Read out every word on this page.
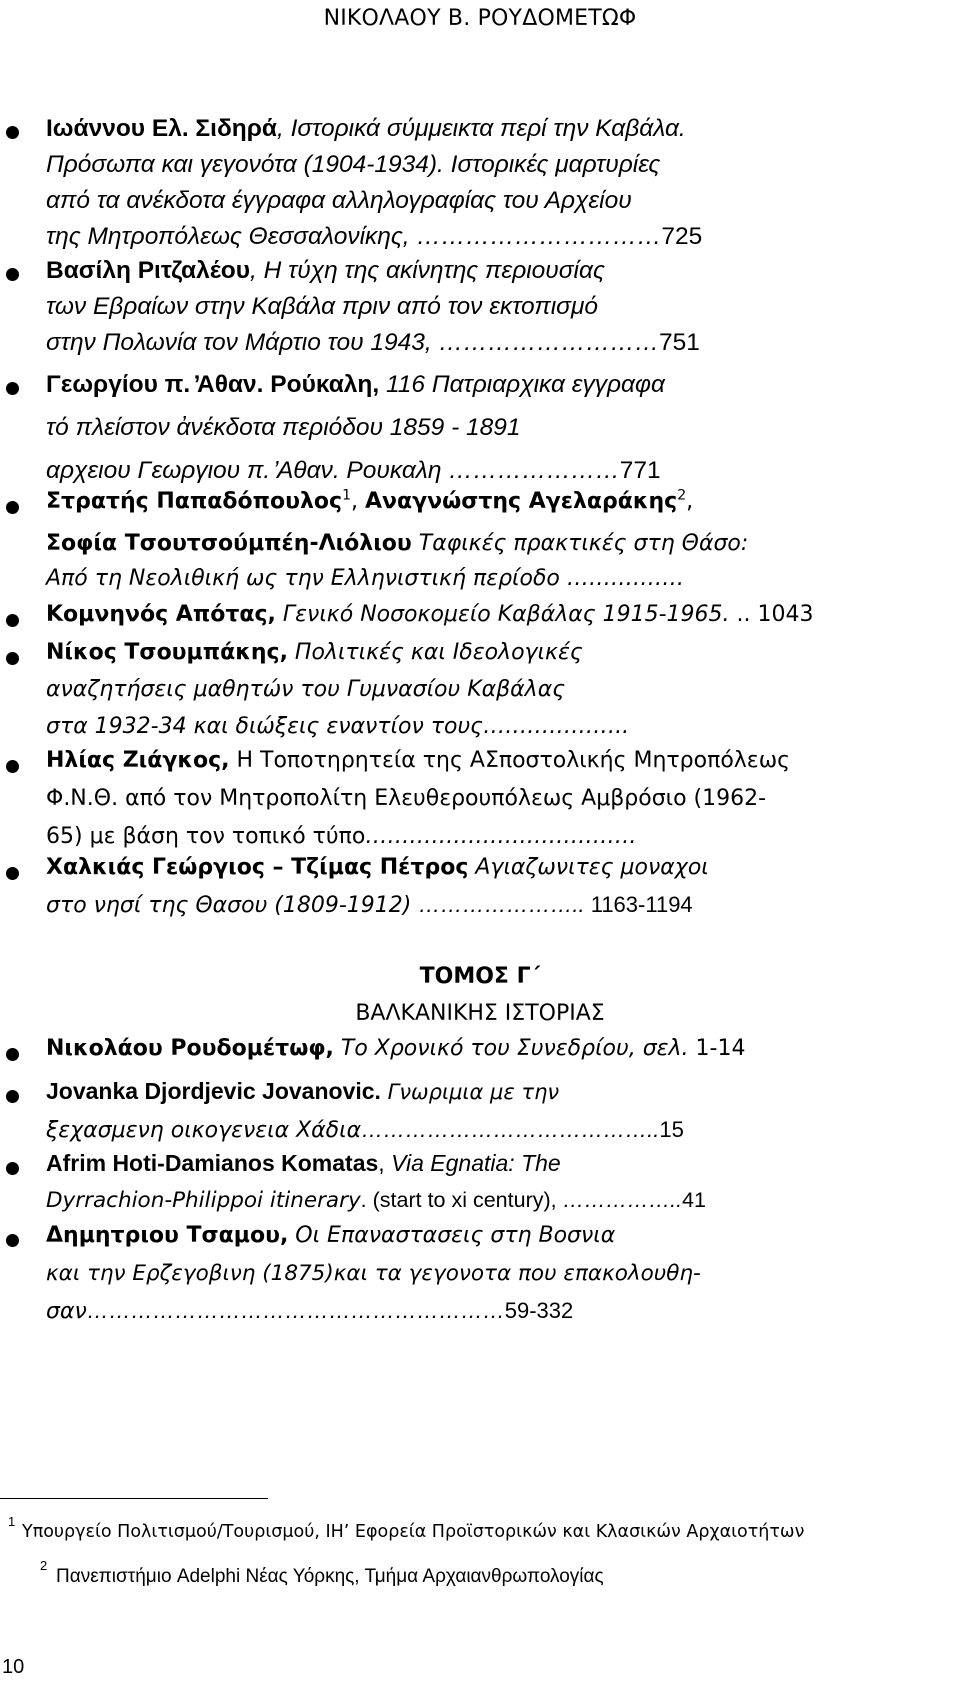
ΝΙΚΟΛΑΟΥ Β. ΡΟΥΔΟΜΕΤΩΦ
Ιωάννου Ελ. Σιδηρά, Ιστορικά σύμμεικτα περί την Καβάλα.
Πρόσωπα και γεγονότα (1904-1934). Ιστορικές μαρτυρίες
από τα ανέκδοτα έγγραφα αλληλογραφίας του Αρχείου
της Μητροπόλεως Θεσσαλονίκης, …………………………725
Βασίλη Ριτζαλέου, Η τύχη της ακίνητης περιουσίας
των Εβραίων στην Καβάλα πριν από τον εκτοπισμό
στην Πολωνία τον Μάρτιο του 1943, ………………………751
Γεωργίου π. ̓Αθαν. Ρούκαλη, 116 Πατριαρχικα εγγραφα
τό πλείστον ἀνέκδοτα περιόδου 1859 - 1891
αρχειου Γεωργιου π. ̓Αθαν. Ρουκαλη …………………771
Στρατής Παπαδόπουλος$^1$, Αναγνώστης Αγελαράκης$^2$,
Σοφία Τσουτσούμπέη-Λιόλιου Ταφικές πρακτικές στη Θάσο:
Από τη Νεολιθική ως την Ελληνιστική περίοδο …………….
Κομνηνός Απότας, Γενικό Νοσοκομείο Καβάλας 1915-1965. .. 1043
Νίκος Τσουμπάκης, Πολιτικές και Ιδεολογικές
αναζητήσεις μαθητών του Γυμνασίου Καβάλας
στα 1932-34 και διώξεις εναντίον τους………………..
Ηλίας Ζιάγκος, Η Τοποτηρητεία της ΑΣποστολικής Μητροπόλεως
Φ.Ν.Θ. από τον Μητροπολίτη Ελευθερουπόλεως Αμβρόσιο (1962-
65) με βάση τον τοπικό τύπο……………………………….
Χαλκιάς Γεώργιος – Τζίμας Πέτρος Αγιαζωνιτες μοναχοι
στο νησί της Θασου (1809-1912) ………………….. 1163-1194
ΤΟΜΟΣ Γ΄
ΒΑΛΚΑΝΙΚΗΣ ΙΣΤΟΡΙΑΣ
Νικολάου Ρουδομέτωφ, Το Χρονικό του Συνεδρίου, σελ. 1-14
Jovanka Djordjevic Jovanovic. Γνωριμια με την
ξεχασμενη οικογενεια Χάδια…………………………………..15
Afrim Hoti-Damianos Komatas, Via Egnatia: The
Dyrrachion-Philippoi itinerary. (start to xi century), ……………..41
Δημητριου Τσαμου, Οι Επαναστασεις στη Βοσνια
και την Ερζεγοβινη (1875)και τα γεγονοτα που επακολουθη-
σαν…………………………………………………59-332
1
Υπουργείο Πολιτισμού/Τουρισμού, ΙΗ’ Εφορεία Προϊστορικών και Κλασικών Αρχαιοτήτων
2
Πανεπιστήμιο Adelphi Νέας Υόρκης, Τμήμα Αρχαιανθρωπολογίας
10
